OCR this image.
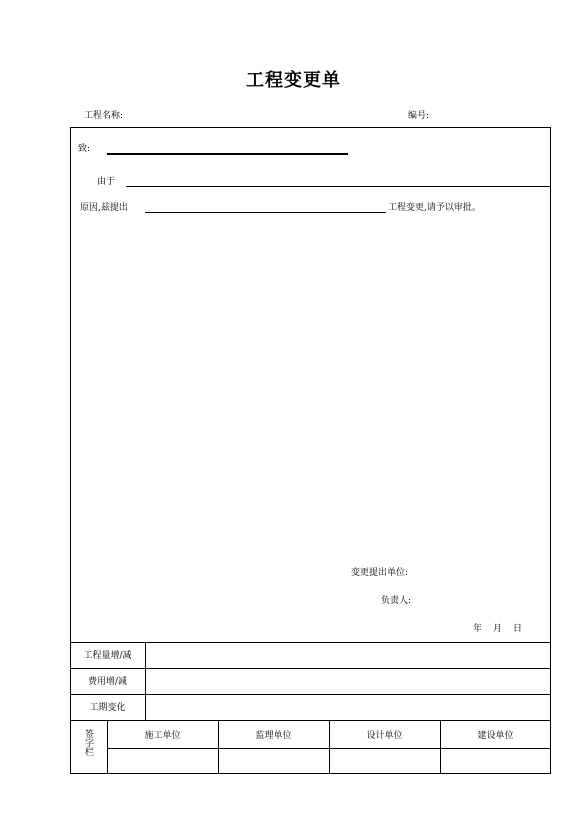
工程变更单
工程名称:	编号:
致:
由于
原因,兹提出	工程变更,请予以审批。
变更提出单位:
负责人:
年 月 日
工程量增/减
费用增/减
工期变化
签字栏	施工单位	监理单位	设计单位	建设单位
